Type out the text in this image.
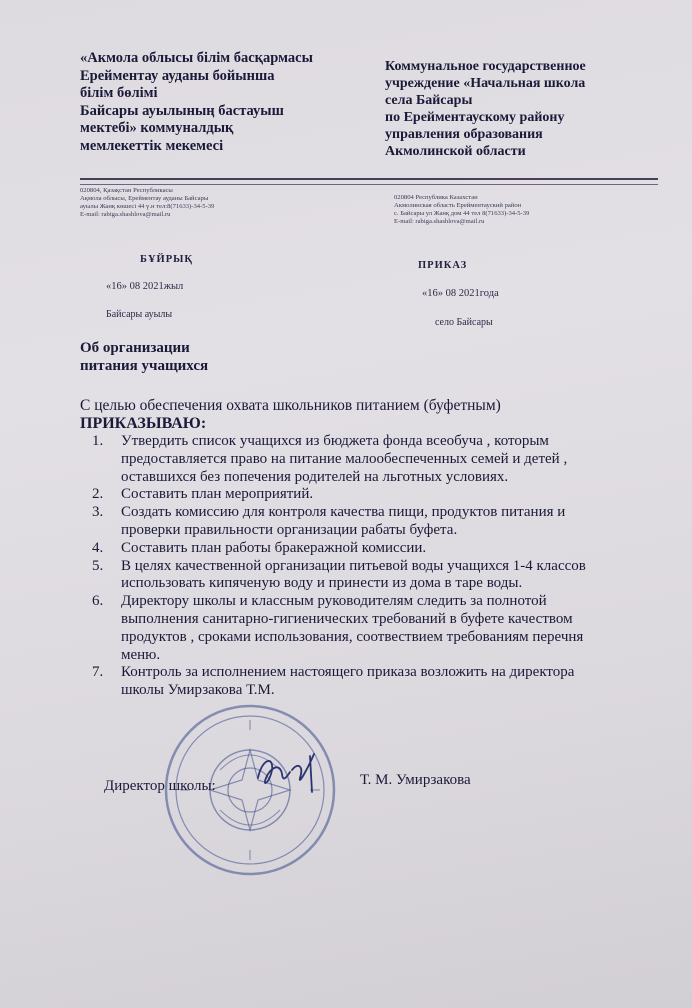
«Акмола облысы білім басқармасы
Ерейментау ауданы бойынша
білім бөлімі
Байсары ауылының бастауыш
мектебі» коммуналдық
мемлекеттік мекемесі
Коммунальное государственное
учреждение «Начальная школа
села Байсары
по Ерейментаускому району
управления образования
Акмолинской области
020804, Қазақстан Республикасы
Ақмола облысы, Ерейментау ауданы Байсары
ауылы Жанқ көшесі 44 ү.н тел:8(71633)-34-5-39
E-mail: rabiga.shashlova@mail.ru
020804 Республика Казахстан
Акмолинская область Ерейментауский район
с. Байсары ул Жанқ дом 44 тел 8(71633)-34-5-39
E-mail: rabiga.shashlova@mail.ru
БҰЙРЫҚ
ПРИКАЗ
«16» 08 2021жыл
«16» 08 2021года
Байсары ауылы
село Байсары
Об организации
питания учащихся
С целью обеспечения охвата школьников питанием (буфетным)
ПРИКАЗЫВАЮ:
1. Утвердить список учащихся из бюджета фонда всеобуча , которым
предоставляется право на питание малообеспеченных семей и детей ,
оставшихся без попечения родителей на льготных условиях.
2. Составить план мероприятий.
3. Создать комиссию для контроля качества пищи, продуктов питания и
проверки правильности организации рабаты буфета.
4. Составить план работы бракеражной комиссии.
5. В целях качественной организации питьевой воды учащихся 1-4 классов
использовать кипяченую воду и принести из дома в таре воды.
6. Директору школы и классным руководителям следить за полнотой
выполнения санитарно-гигиенических требований в буфете качеством
продуктов , сроками использования, соотвествием требованиям перечня
меню.
7. Контроль за исполнением настоящего приказа возложить на директора
школы Умирзакова Т.М.
Директор школы:	Т. М. Умирзакова
